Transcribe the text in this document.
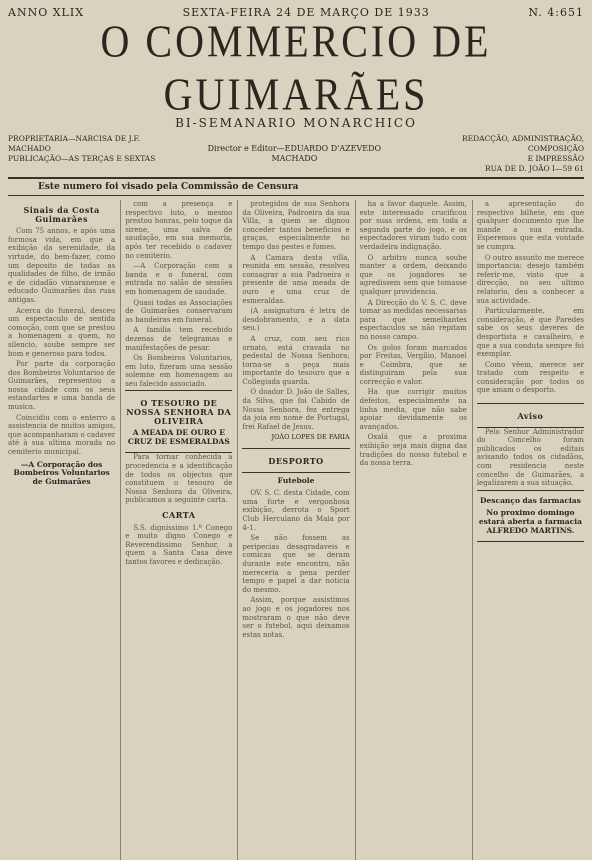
ANNO XLIX	SEXTA-FEIRA 24 DE MARÇO DE 1933	N. 4:651
O COMMERCIO DE GUIMARÃES
BI-SEMANARIO MONARCHICO
PROPRIETARIA—NARCISA DE J.F. MACHADO
PUBLICAÇÃO—AS TERÇAS E SEXTAS
Director e Editor—EDUARDO D'AZEVEDO MACHADO
REDACÇÃO, ADMINISTRAÇÃO, COMPOSIÇÃO
E IMPRESSÃO
RUA DE D. JOÃO I—59 61
Este numero foi visado pela Commissão de Censura
Sinais da Costa Guimarães

Com 75 annos, e após uma formosa vida, em que a exibição da serenidade, da virtude, do bem-fazer, como um deposito de todas as qualidades de filho, de irmão e de cidadão vimaranense e educado Guimarães das ruas antigas.

Acerca do funeral, desceu um espectaculo de sentida comoção, com que se prestou a homenagem a quem, no silencio, soube sempre ser bom e generoso para todos.

Por parte da corporação dos Bombeiros Voluntarios de Guimarães, representou a nossa cidade com os seus estandartes e uma banda de musica.

Coincidiu com o enterro a assistencia de muitos amigos, que acompanharam o cadaver até à sua ultima morada no cemiterio municipal.

—A Corporação dos Bombeiros Voluntarios de Guimarães

com a presença e respectivo luto, o mesmo prestou honras, pelo toque da sirene, uma salva de saudação, em sua memoria, após ter recebido o cadaver no cemiterio.

—A Corporação com a banda e o funeral, com entrada no salão de sessões em homenagem de saudade.

Quasi todas as Associações de Guimarães conservaram as bandeiras em funeral.

A familia tem recebido dezenas de telegramas e manifestações de pesar.

Os Bombeiros Voluntarios, em luto, fizeram uma sessão solemne em homenagem ao seu falecido associado.

O TESOURO DE NOSSA SENHORA DA OLIVEIRA
A MEADA DE OURO E CRUZ DE ESMERALDAS

Para tornar conhecida a procedencia e a identificação de todos os objectos que constituem o tesouro de Nossa Senhora da Oliveira, publicamos a seguinte carta.

CARTA

S.S. dignissimo 1.º Conego e muito digno Conego e Reverendissimo Senhor, a quem a Santa Casa deve tantos favores e dedicação.

protegidos de sua Senhora da Oliveira, Padroeira da sua Villa, a quem se dignou conceder tantos beneficios e graças, especialmente no tempo das pestes e fomes.

A Camara desta villa, reunida em sessão, resolveu consagrar a sua Padroeira o presente de uma meada de ouro e uma cruz de esmeraldas.

(A assignatura é letra de desdobramento, e a data seu.)

A cruz, com seu rico ornato, está cravada no pedestal de Nossa Senhora; torna-se a peça mais importante do tesouro que a Collegiada guarda.

O doador D. João de Salles, da Silva, que foi Cabido de Nossa Senhora, fez entrega da joia em nome de Portugal, frei Rafael de Jesus.

JOÃO LOPES DE FARIA
DESPORTO
Futebole

OV. S. C. desta Cidade, com uma forte e vergonhosa exibição, derrota o Sport Club Herculano da Maia por 4-1.

Se não fossem as peripecias desagradaveis e comicas que se deram durante este encontro, não mereceria a pena perder tempo e papel a dar noticia do mesmo.

Assim, porque assistimos ao jogo e os jogadores nos mostraram o que não deve ser o futebol, aqui deixamos estas notas.

ha a favor daquele. Assim, este interessado crucificou por suas ordens, em toda a segunda parte do jogo, e os espectadores viram tudo com verdadeira indignação.

O arbitro nunca soube manter a ordem, deixando que os jogadores se agredissem sem que tomasse qualquer providencia.

A Direcção do V. S. C. deve tomar as medidas necessarias para que semelhantes espectaculos se não repitam no nosso campo.

Os golos foram marcados por Freitas, Vergílio, Manoel e Coimbra, que se distinguiram pela sua correcção e valor.

Ha que corrigir muitos defeitos, especialmente na linha media, que não sabe apoiar devidamente os avançados.

Oxalá que a proxima exibição seja mais digna das tradições do nosso futebol e da nossa terra.

a apresentação do respectivo bilhete, em que qualquer documento que lhe mande a sua entrada. Esperemos que esta vontade se cumpra.

O outro assunto me merece importancia: desejo também referir-me, visto que a direcção, no seu ultimo relatorio, deu a conhecer a sua actividade.

Particularmente, em consideração, é que Paredes sabe os seus deveres de desportista e cavalheiro, e que a sua conduta sempre foi exemplar.

Como vêem, merece ser tratado com respeito e consideração por todos os que amam o desporto.

Aviso

Pelo Senhor Administrador do Concelho foram publicados os editais avisando todos os cidadãos, com residencia neste concelho de Guimarães, a legalizarem a sua situação.

Descanço das farmacias
No proximo domingo estará aberta a farmacia ALFREDO MARTINS.
